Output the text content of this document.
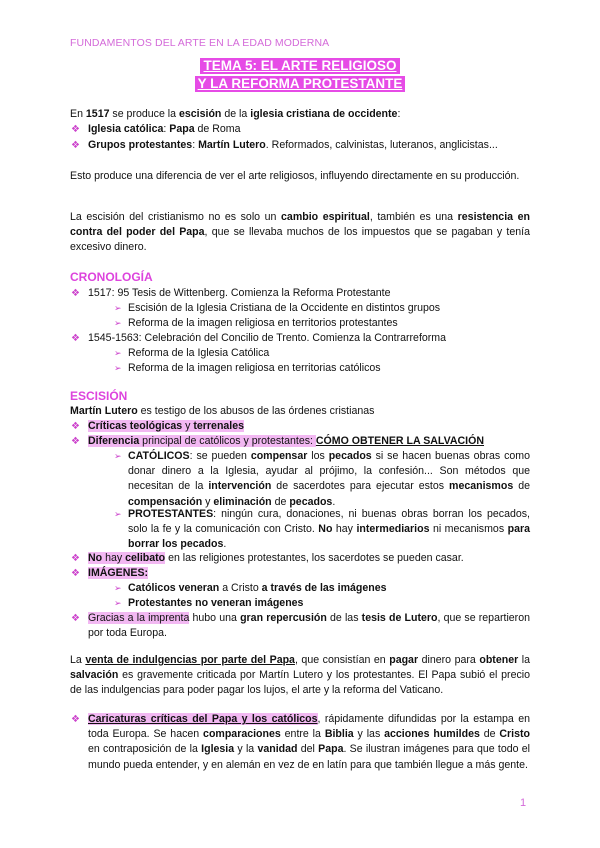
FUNDAMENTOS DEL ARTE EN LA EDAD MODERNA
TEMA 5: EL ARTE RELIGIOSO
Y LA REFORMA PROTESTANTE
En 1517 se produce la escisión de la iglesia cristiana de occidente:
❖ Iglesia católica: Papa de Roma
❖ Grupos protestantes: Martín Lutero. Reformados, calvinistas, luteranos, anglicistas...
Esto produce una diferencia de ver el arte religiosos, influyendo directamente en su producción.
La escisión del cristianismo no es solo un cambio espiritual, también es una resistencia en contra del poder del Papa, que se llevaba muchos de los impuestos que se pagaban y tenía excesivo dinero.
CRONOLOGÍA
❖ 1517: 95 Tesis de Wittenberg. Comienza la Reforma Protestante
➢ Escisión de la Iglesia Cristiana de la Occidente en distintos grupos
➢ Reforma de la imagen religiosa en territorios protestantes
❖ 1545-1563: Celebración del Concilio de Trento. Comienza la Contrarreforma
➢ Reforma de la Iglesia Católica
➢ Reforma de la imagen religiosa en territorias católicos
ESCISIÓN
Martín Lutero es testigo de los abusos de las órdenes cristianas
❖ Críticas teológicas y terrenales
❖ Diferencia principal de católicos y protestantes: CÓMO OBTENER LA SALVACIÓN
➢ CATÓLICOS: se pueden compensar los pecados si se hacen buenas obras como donar dinero a la Iglesia, ayudar al prójimo, la confesión... Son métodos que necesitan de la intervención de sacerdotes para ejecutar estos mecanismos de compensación y eliminación de pecados.
➢ PROTESTANTES: ningún cura, donaciones, ni buenas obras borran los pecados, solo la fe y la comunicación con Cristo. No hay intermediarios ni mecanismos para borrar los pecados.
❖ No hay celibato en las religiones protestantes, los sacerdotes se pueden casar.
❖ IMÁGENES:
➢ Católicos veneran a Cristo a través de las imágenes
➢ Protestantes no veneran imágenes
❖ Gracias a la imprenta hubo una gran repercusión de las tesis de Lutero, que se repartieron por toda Europa.
La venta de indulgencias por parte del Papa, que consistían en pagar dinero para obtener la salvación es gravemente criticada por Martín Lutero y los protestantes. El Papa subió el precio de las indulgencias para poder pagar los lujos, el arte y la reforma del Vaticano.
❖ Caricaturas críticas del Papa y los católicos, rápidamente difundidas por la estampa en toda Europa. Se hacen comparaciones entre la Biblia y las acciones humildes de Cristo en contraposición de la Iglesia y la vanidad del Papa. Se ilustran imágenes para que todo el mundo pueda entender, y en alemán en vez de en latín para que también llegue a más gente.
1
